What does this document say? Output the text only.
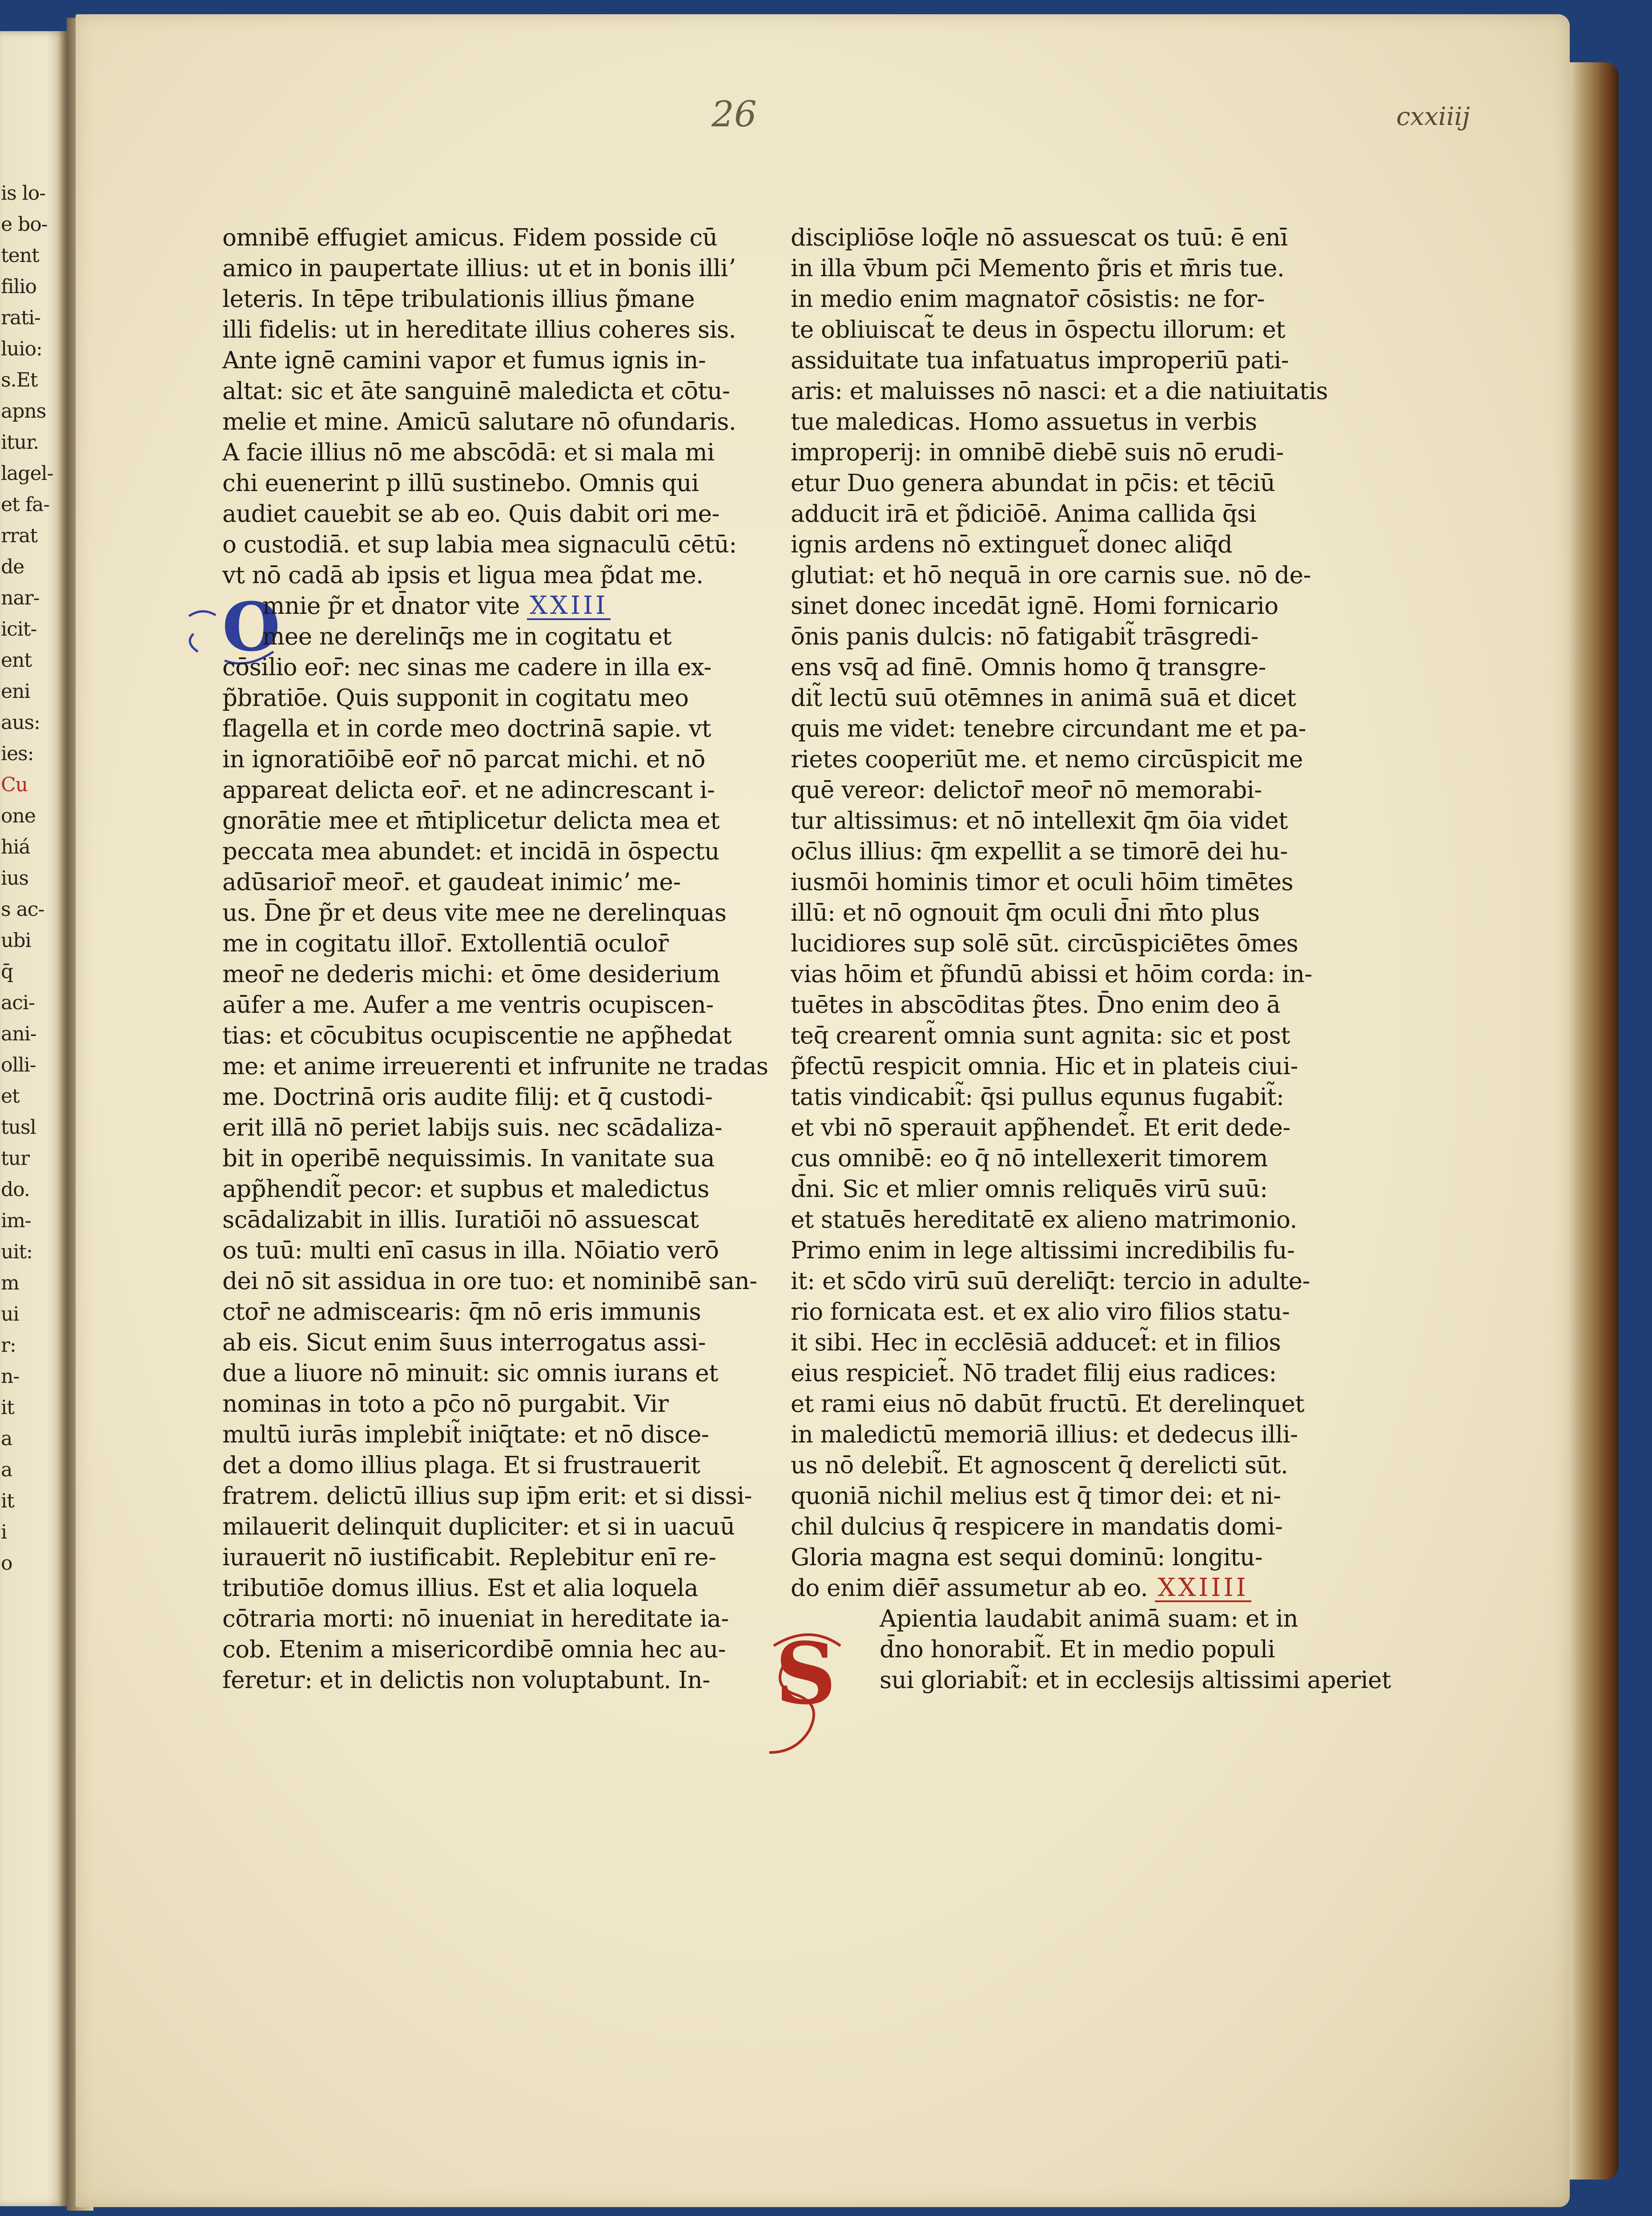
is lo-
e bo-
tent
filio
rati-
luio:
s.Et
apns
itur.
lagel-
et fa-
rrat
de
nar-
icit-
ent
eni
aus:
ies:
Cu
one
hiá
ius
s ac-
ubi
q̄
aci-
ani-
olli-
et
tusl
tur
do.
im-
uit:
m
ui
r:
n-
it
a
a
it
i
o
26	cxxiiij
O
S
omnibē effugiet amicus. Fidem posside cū
amico in paupertate illius: ut et in bonis illiʼ
leteris. In tēpe tribulationis illius p̃mane
illi fidelis: ut in hereditate illius coheres sis.
Ante ignē camini vapor et fumus ignis in-
altat: sic et āte sanguinē maledicta et cōtu-
melie et mine. Amicū salutare nō ofundaris.
A facie illius nō me abscōdā: et si mala mi
chi euenerint p illū sustinebo. Omnis qui
audiet cauebit se ab eo. Quis dabit ori me-
o custodiā. et sup labia mea signaculū cētū:
vt nō cadā ab ipsis et ligua mea p̃dat me.
mnie p̃r et d̄nator vite XXIII
mee ne derelinq̄s me in cogitatu et
cōsilio eor̄: nec sinas me cadere in illa ex-
p̃bratiōe. Quis supponit in cogitatu meo
flagella et in corde meo doctrinā sapie. vt
in ignoratiōibē eor̄ nō parcat michi. et nō
appareat delicta eor̄. et ne adincrescant i-
gnorātie mee et m̄tiplicetur delicta mea et
peccata mea abundet: et incidā in ōspectu
adūsarior̄ meor̄. et gaudeat inimicʼ me-
us. D̄ne p̃r et deus vite mee ne derelinquas
me in cogitatu illor̄. Extollentiā oculor̄
meor̄ ne dederis michi: et ōme desiderium
aūfer a me. Aufer a me ventris ocupiscen-
tias: et cōcubitus ocupiscentie ne app̃hedat
me: et anime irreuerenti et infrunite ne tradas
me. Doctrinā oris audite filij: et q̄ custodi-
erit illā nō periet labijs suis. nec scādaliza-
bit in operibē nequissimis. In vanitate sua
app̃hendit̃ pecor: et supbus et maledictus
scādalizabit in illis. Iuratiōi nō assuescat
os tuū: multi enī casus in illa. Nōiatio verō
dei nō sit assidua in ore tuo: et nominibē san-
ctor̄ ne admiscearis: q̄m nō eris immunis
ab eis. Sicut enim s̄uus interrogatus assi-
due a liuore nō minuit: sic omnis iurans et
nominas in toto a pc̄o nō purgabit. Vir
multū iurās implebit̃ iniq̄tate: et nō disce-
det a domo illius plaga. Et si frustrauerit
fratrem. delictū illius sup ip̄m erit: et si dissi-
milauerit delinquit dupliciter: et si in uacuū
iurauerit nō iustificabit. Replebitur enī re-
tributiōe domus illius. Est et alia loquela
cōtraria morti: nō inueniat in hereditate ia-
cob. Etenim a misericordibē omnia hec au-
feretur: et in delictis non voluptabunt. In-
discipliōse loq̄le nō assuescat os tuū: ē enī
in illa v̄bum pc̄i Memento p̃ris et m̄ris tue.
in medio enim magnator̄ cōsistis: ne for-
te obliuiscat̃ te deus in ōspectu illorum: et
assiduitate tua infatuatus improperiū pati-
aris: et maluisses nō nasci: et a die natiuitatis
tue maledicas. Homo assuetus in verbis
improperij: in omnibē diebē suis nō erudi-
etur Duo genera abundat in pc̄is: et tēciū
adducit irā et p̃diciōē. Anima callida q̄si
ignis ardens nō extinguet̃ donec aliq̄d
glutiat: et hō nequā in ore carnis sue. nō de-
sinet donec incedāt ignē. Homi fornicario
ōnis panis dulcis: nō fatigabit̃ trāsgredi-
ens vsq̄ ad finē. Omnis homo q̄ transgre-
dit̃ lectū suū otēmnes in animā suā et dicet
quis me videt: tenebre circundant me et pa-
rietes cooperiūt me. et nemo circūspicit me
quē vereor: delictor̄ meor̄ nō memorabi-
tur altissimus: et nō intellexit q̄m ōia videt
oc̄lus illius: q̄m expellit a se timorē dei hu-
iusmōi hominis timor et oculi hōim timētes
illū: et nō ognouit q̄m oculi d̄ni m̄to plus
lucidiores sup solē sūt. circūspiciētes ōmes
vias hōim et p̃fundū abissi et hōim corda: in-
tuētes in abscōditas p̃tes. D̄no enim deo ā
teq̄ crearent̃ omnia sunt agnita: sic et post
p̃fectū respicit omnia. Hic et in plateis ciui-
tatis vindicabit̃: q̄si pullus equnus fugabit̃:
et vbi nō sperauit app̃hendet̃. Et erit dede-
cus omnibē: eo q̄ nō intellexerit timorem
d̄ni. Sic et mlier omnis reliquēs virū suū:
et statuēs hereditatē ex alieno matrimonio.
Primo enim in lege altissimi incredibilis fu-
it: et sc̄do virū suū dereliq̄t: tercio in adulte-
rio fornicata est. et ex alio viro filios statu-
it sibi. Hec in ecclēsiā adducet̃: et in filios
eius respiciet̃. Nō tradet filij eius radices:
et rami eius nō dabūt fructū. Et derelinquet
in maledictū memoriā illius: et dedecus illi-
us nō delebit̃. Et agnoscent q̄ derelicti sūt.
quoniā nichil melius est q̄ timor dei: et ni-
chil dulcius q̄ respicere in mandatis domi-
Gloria magna est sequi dominū: longitu-
do enim diēr̄ assumetur ab eo. XXIIII
Apientia laudabit animā suam: et in
d̄no honorabit̃. Et in medio populi
sui gloriabit̃: et in ecclesijs altissimi aperiet
